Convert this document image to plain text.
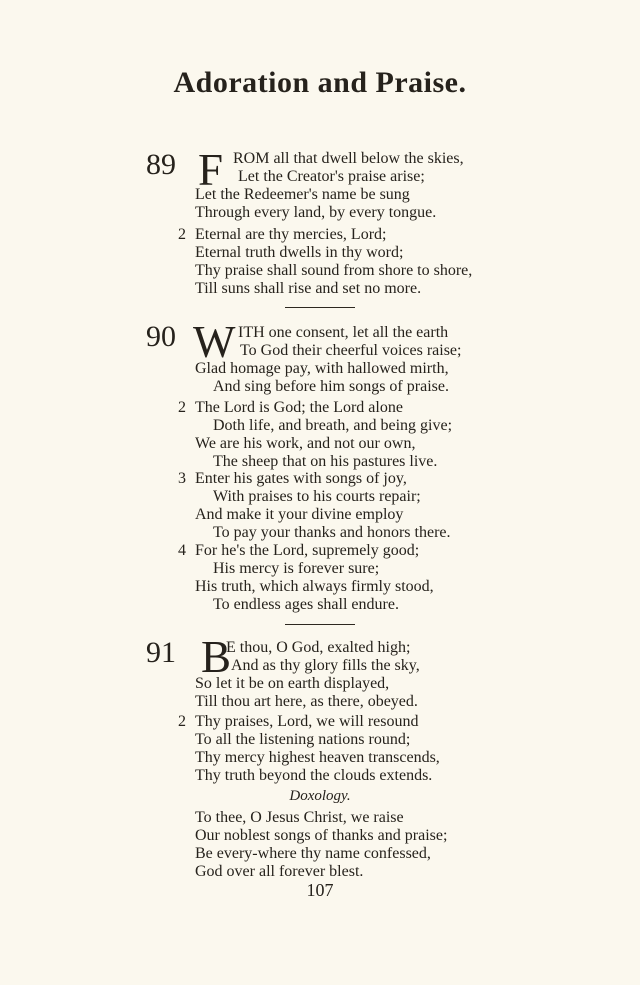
Adoration and Praise.
89 F ROM all that dwell below the skies,
Let the Creator's praise arise;
Let the Redeemer's name be sung
Through every land, by every tongue.
2 Eternal are thy mercies, Lord;
Eternal truth dwells in thy word;
Thy praise shall sound from shore to shore,
Till suns shall rise and set no more.
90 W ITH one consent, let all the earth
To God their cheerful voices raise;
Glad homage pay, with hallowed mirth,
And sing before him songs of praise.
2 The Lord is God; the Lord alone
Doth life, and breath, and being give;
We are his work, and not our own,
The sheep that on his pastures live.
3 Enter his gates with songs of joy,
With praises to his courts repair;
And make it your divine employ
To pay your thanks and honors there.
4 For he's the Lord, supremely good;
His mercy is forever sure;
His truth, which always firmly stood,
To endless ages shall endure.
91 B
E thou, O God, exalted high;
And as thy glory fills the sky,
So let it be on earth displayed,
Till thou art here, as there, obeyed.
2 Thy praises, Lord, we will resound
To all the listening nations round;
Thy mercy highest heaven transcends,
Thy truth beyond the clouds extends.
Doxology.
To thee, O Jesus Christ, we raise
Our noblest songs of thanks and praise;
Be every-where thy name confessed,
God over all forever blest.
107
